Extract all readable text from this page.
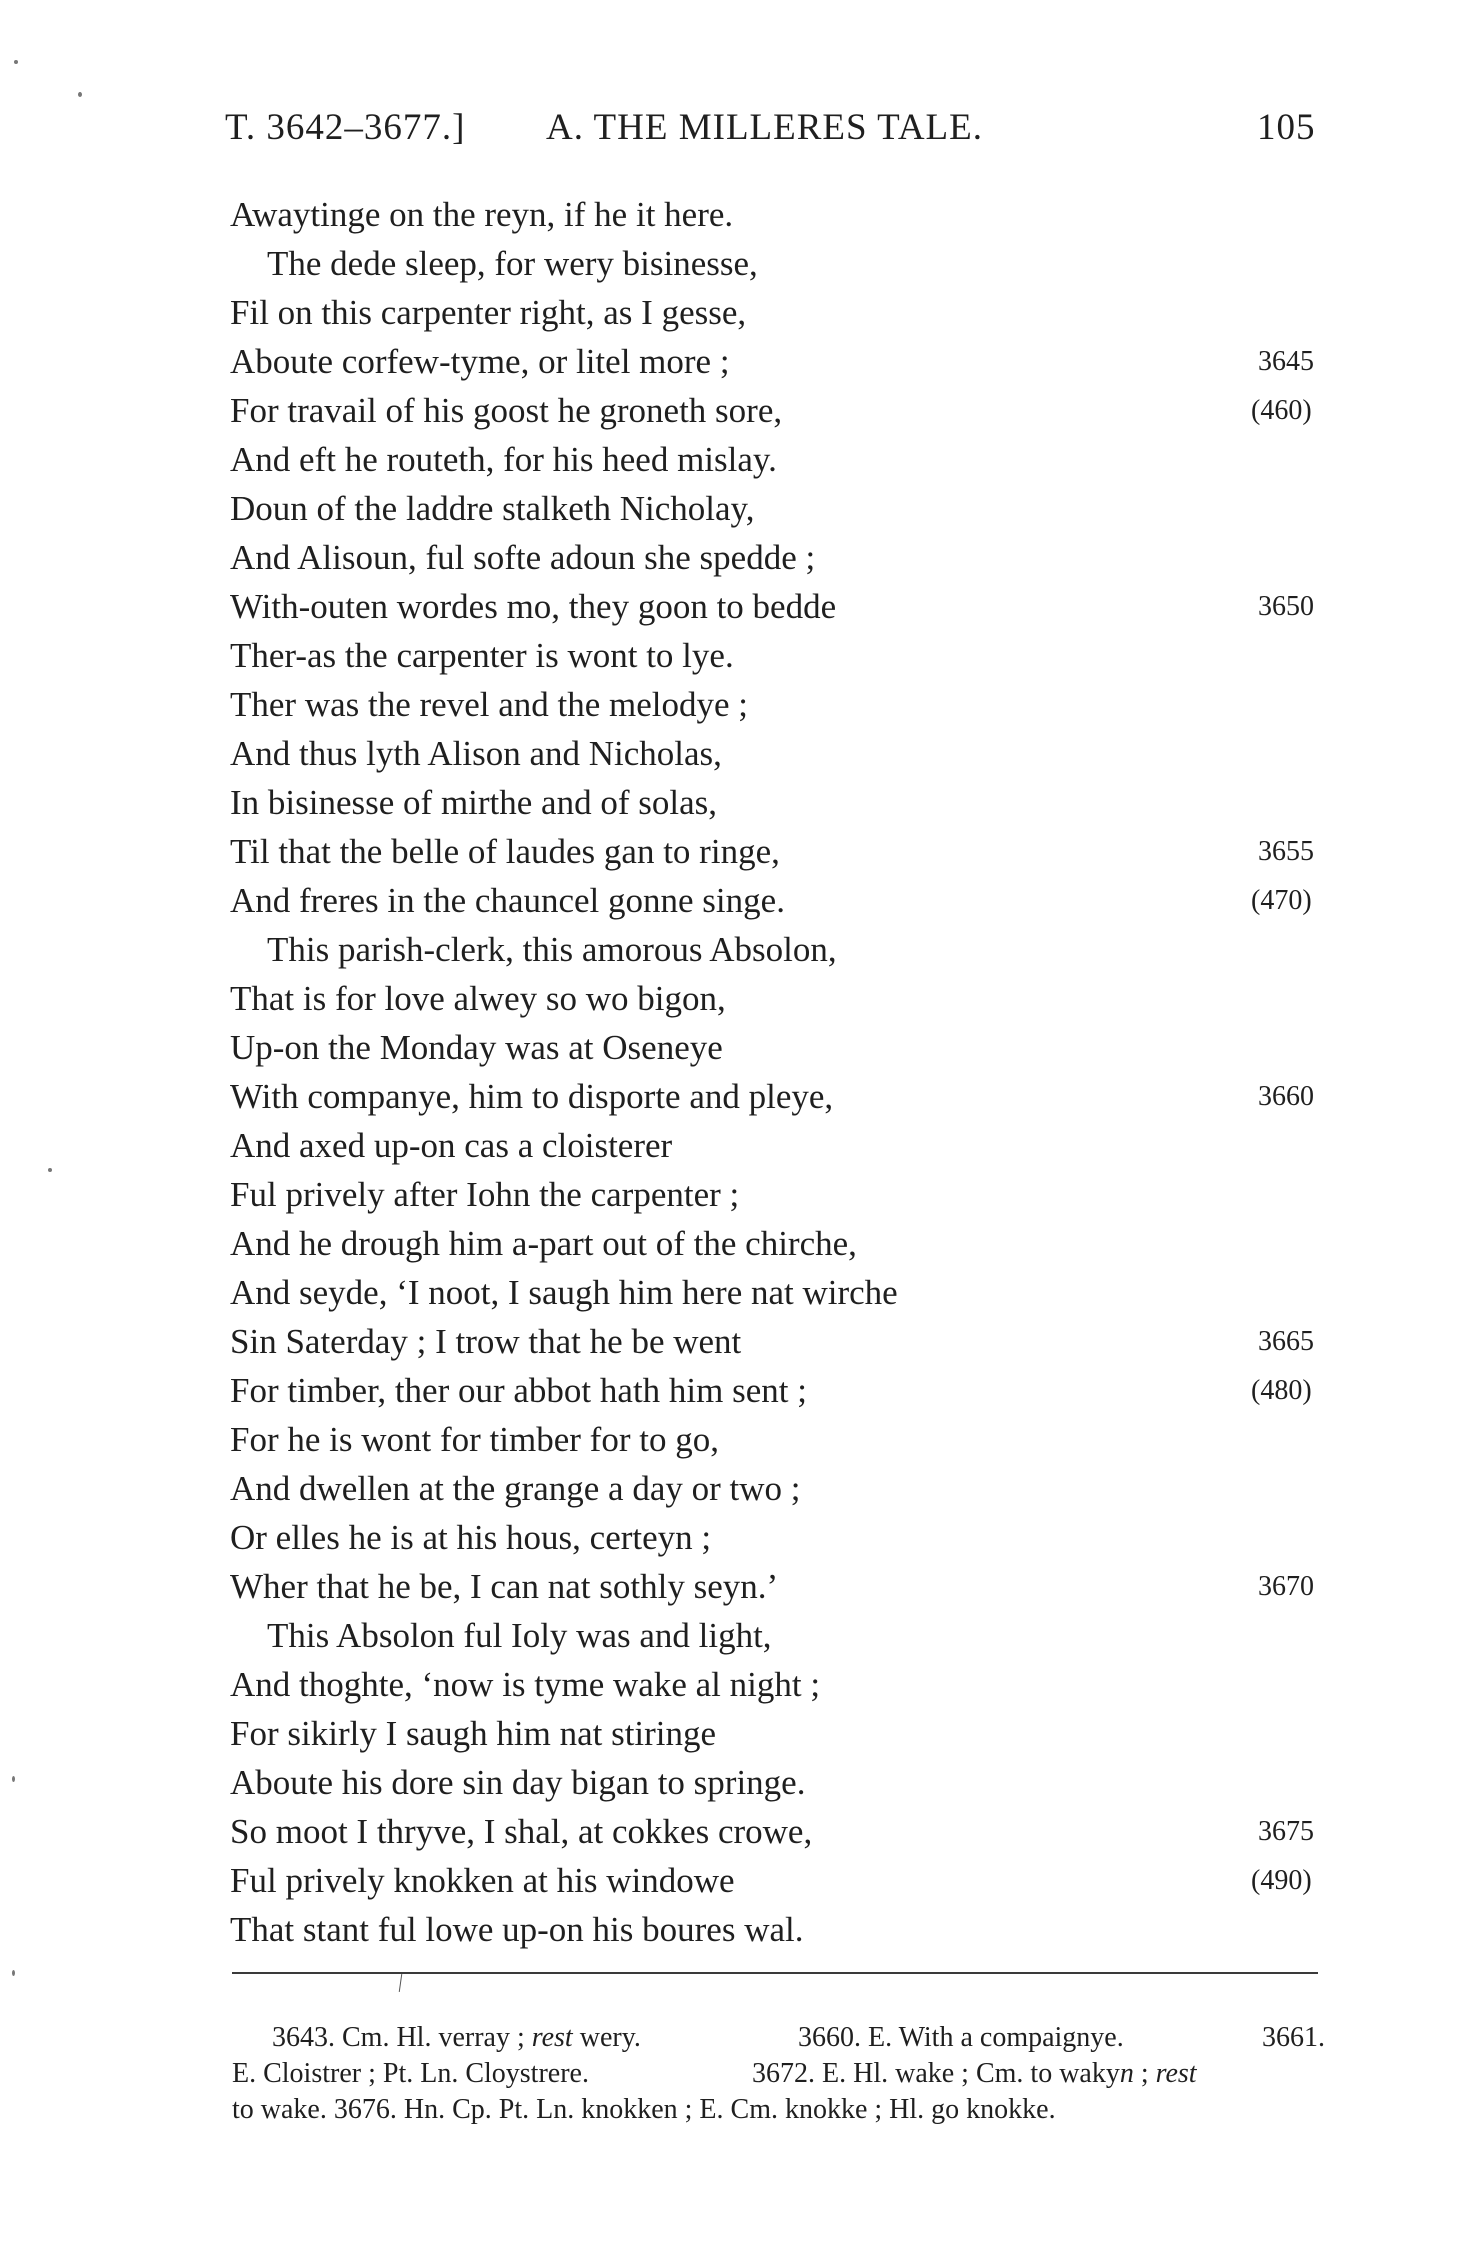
T. 3642–3677.] A. THE MILLERES TALE.	105
Awaytinge on the reyn, if he it here.
The dede sleep, for wery bisinesse,
Fil on this carpenter right, as I gesse,
Aboute corfew-tyme, or litel more ;	3645
For travail of his goost he groneth sore,	(460)
And eft he routeth, for his heed mislay.
Doun of the laddre stalketh Nicholay,
And Alisoun, ful softe adoun she spedde ;
With-outen wordes mo, they goon to bedde	3650
Ther-as the carpenter is wont to lye.
Ther was the revel and the melodye ;
And thus lyth Alison and Nicholas,
In bisinesse of mirthe and of solas,
Til that the belle of laudes gan to ringe,	3655
And freres in the chauncel gonne singe.	(470)
This parish-clerk, this amorous Absolon,
That is for love alwey so wo bigon,
Up-on the Monday was at Oseneye
With companye, him to disporte and pleye,	3660
And axed up-on cas a cloisterer
Ful prively after Iohn the carpenter ;
And he drough him a-part out of the chirche,
And seyde, ‘I noot, I saugh him here nat wirche
Sin Saterday ; I trow that he be went	3665
For timber, ther our abbot hath him sent ;	(480)
For he is wont for timber for to go,
And dwellen at the grange a day or two ;
Or elles he is at his hous, certeyn ;
Wher that he be, I can nat sothly seyn.’	3670
This Absolon ful Ioly was and light,
And thoghte, ‘now is tyme wake al night ;
For sikirly I saugh him nat stiringe
Aboute his dore sin day bigan to springe.
So moot I thryve, I shal, at cokkes crowe,	3675
Ful prively knokken at his windowe	(490)
That stant ful lowe up-on his boures wal.
3643. Cm. Hl. verray ; rest wery.	3660. E. With a compaignye.	3661.
E. Cloistrer ; Pt. Ln. Cloystrere.	3672. E. Hl. wake ; Cm. to wakyn ; rest
to wake. 3676. Hn. Cp. Pt. Ln. knokken ; E. Cm. knokke ; Hl. go knokke.
